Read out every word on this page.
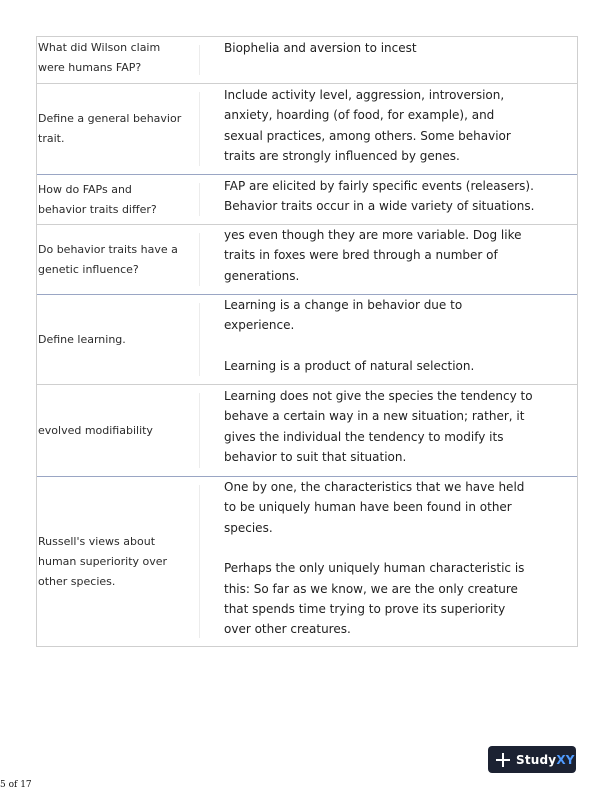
What did Wilson claim
were humans FAP?

Biophelia and aversion to incest

Define a general behavior
trait.

Include activity level, aggression, introversion,
anxiety, hoarding (of food, for example), and
sexual practices, among others. Some behavior
traits are strongly influenced by genes.

How do FAPs and
behavior traits differ?

FAP are elicited by fairly specific events (releasers).
Behavior traits occur in a wide variety of situations.

Do behavior traits have a
genetic influence?

yes even though they are more variable. Dog like
traits in foxes were bred through a number of
generations.

Define learning.

Learning is a change in behavior due to
experience.

Learning is a product of natural selection.

evolved modifiability

Learning does not give the species the tendency to
behave a certain way in a new situation; rather, it
gives the individual the tendency to modify its
behavior to suit that situation.

Russell's views about
human superiority over
other species.

One by one, the characteristics that we have held
to be uniquely human have been found in other
species.

Perhaps the only uniquely human characteristic is
this: So far as we know, we are the only creature
that spends time trying to prove its superiority
over other creatures.

StudyXY
5 of 17
